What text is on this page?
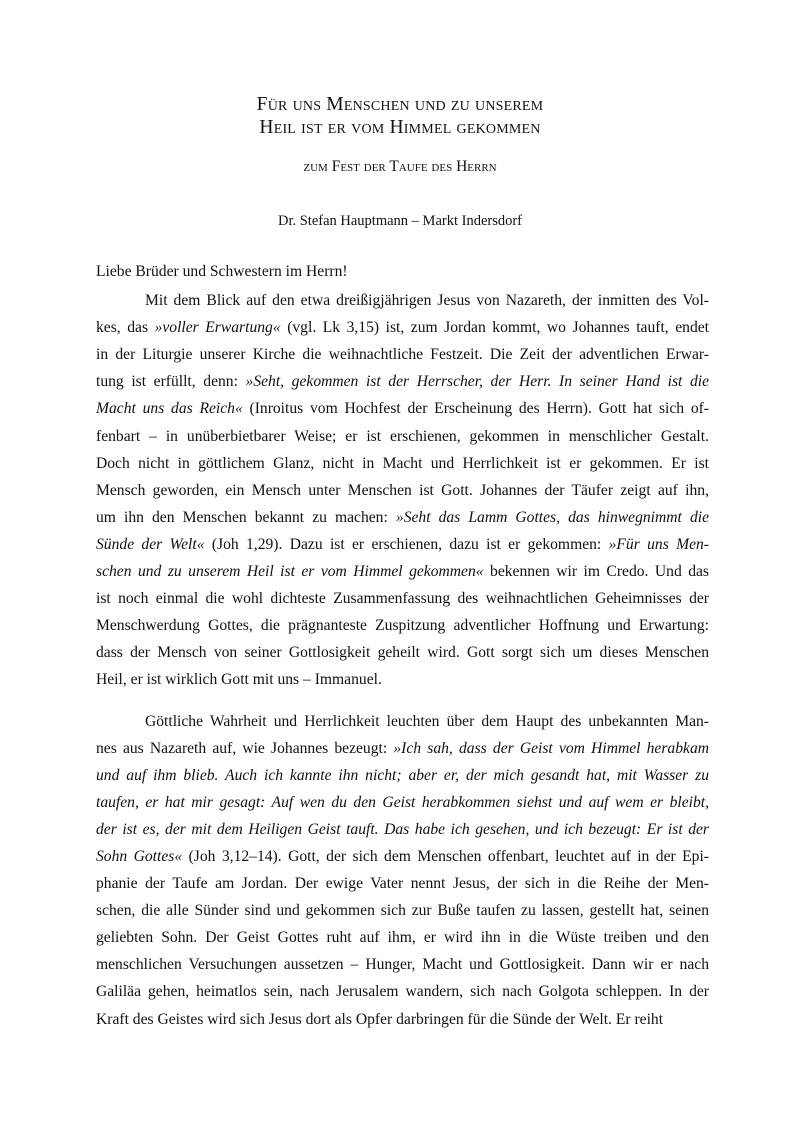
Für uns Menschen und zu unserem
Heil ist er vom Himmel gekommen
zum Fest der Taufe des Herrn
Dr. Stefan Hauptmann – Markt Indersdorf
Liebe Brüder und Schwestern im Herrn!
Mit dem Blick auf den etwa dreißigjährigen Jesus von Nazareth, der inmitten des Vol-
kes, das »voller Erwartung« (vgl. Lk 3,15) ist, zum Jordan kommt, wo Johannes tauft, endet
in der Liturgie unserer Kirche die weihnachtliche Festzeit. Die Zeit der adventlichen Erwar-
tung ist erfüllt, denn: »Seht, gekommen ist der Herrscher, der Herr. In seiner Hand ist die
Macht uns das Reich« (Inroitus vom Hochfest der Erscheinung des Herrn). Gott hat sich of-
fenbart – in unüberbietbarer Weise; er ist erschienen, gekommen in menschlicher Gestalt.
Doch nicht in göttlichem Glanz, nicht in Macht und Herrlichkeit ist er gekommen. Er ist
Mensch geworden, ein Mensch unter Menschen ist Gott. Johannes der Täufer zeigt auf ihn,
um ihn den Menschen bekannt zu machen: »Seht das Lamm Gottes, das hinwegnimmt die
Sünde der Welt« (Joh 1,29). Dazu ist er erschienen, dazu ist er gekommen: »Für uns Men-
schen und zu unserem Heil ist er vom Himmel gekommen« bekennen wir im Credo. Und das
ist noch einmal die wohl dichteste Zusammenfassung des weihnachtlichen Geheimnisses der
Menschwerdung Gottes, die prägnanteste Zuspitzung adventlicher Hoffnung und Erwartung:
dass der Mensch von seiner Gottlosigkeit geheilt wird. Gott sorgt sich um dieses Menschen
Heil, er ist wirklich Gott mit uns – Immanuel.
Göttliche Wahrheit und Herrlichkeit leuchten über dem Haupt des unbekannten Man-
nes aus Nazareth auf, wie Johannes bezeugt: »Ich sah, dass der Geist vom Himmel herabkam
und auf ihm blieb. Auch ich kannte ihn nicht; aber er, der mich gesandt hat, mit Wasser zu
taufen, er hat mir gesagt: Auf wen du den Geist herabkommen siehst und auf wem er bleibt,
der ist es, der mit dem Heiligen Geist tauft. Das habe ich gesehen, und ich bezeugt: Er ist der
Sohn Gottes« (Joh 3,12–14). Gott, der sich dem Menschen offenbart, leuchtet auf in der Epi-
phanie der Taufe am Jordan. Der ewige Vater nennt Jesus, der sich in die Reihe der Men-
schen, die alle Sünder sind und gekommen sich zur Buße taufen zu lassen, gestellt hat, seinen
geliebten Sohn. Der Geist Gottes ruht auf ihm, er wird ihn in die Wüste treiben und den
menschlichen Versuchungen aussetzen – Hunger, Macht und Gottlosigkeit. Dann wir er nach
Galiläa gehen, heimatlos sein, nach Jerusalem wandern, sich nach Golgota schleppen. In der
Kraft des Geistes wird sich Jesus dort als Opfer darbringen für die Sünde der Welt. Er reiht
